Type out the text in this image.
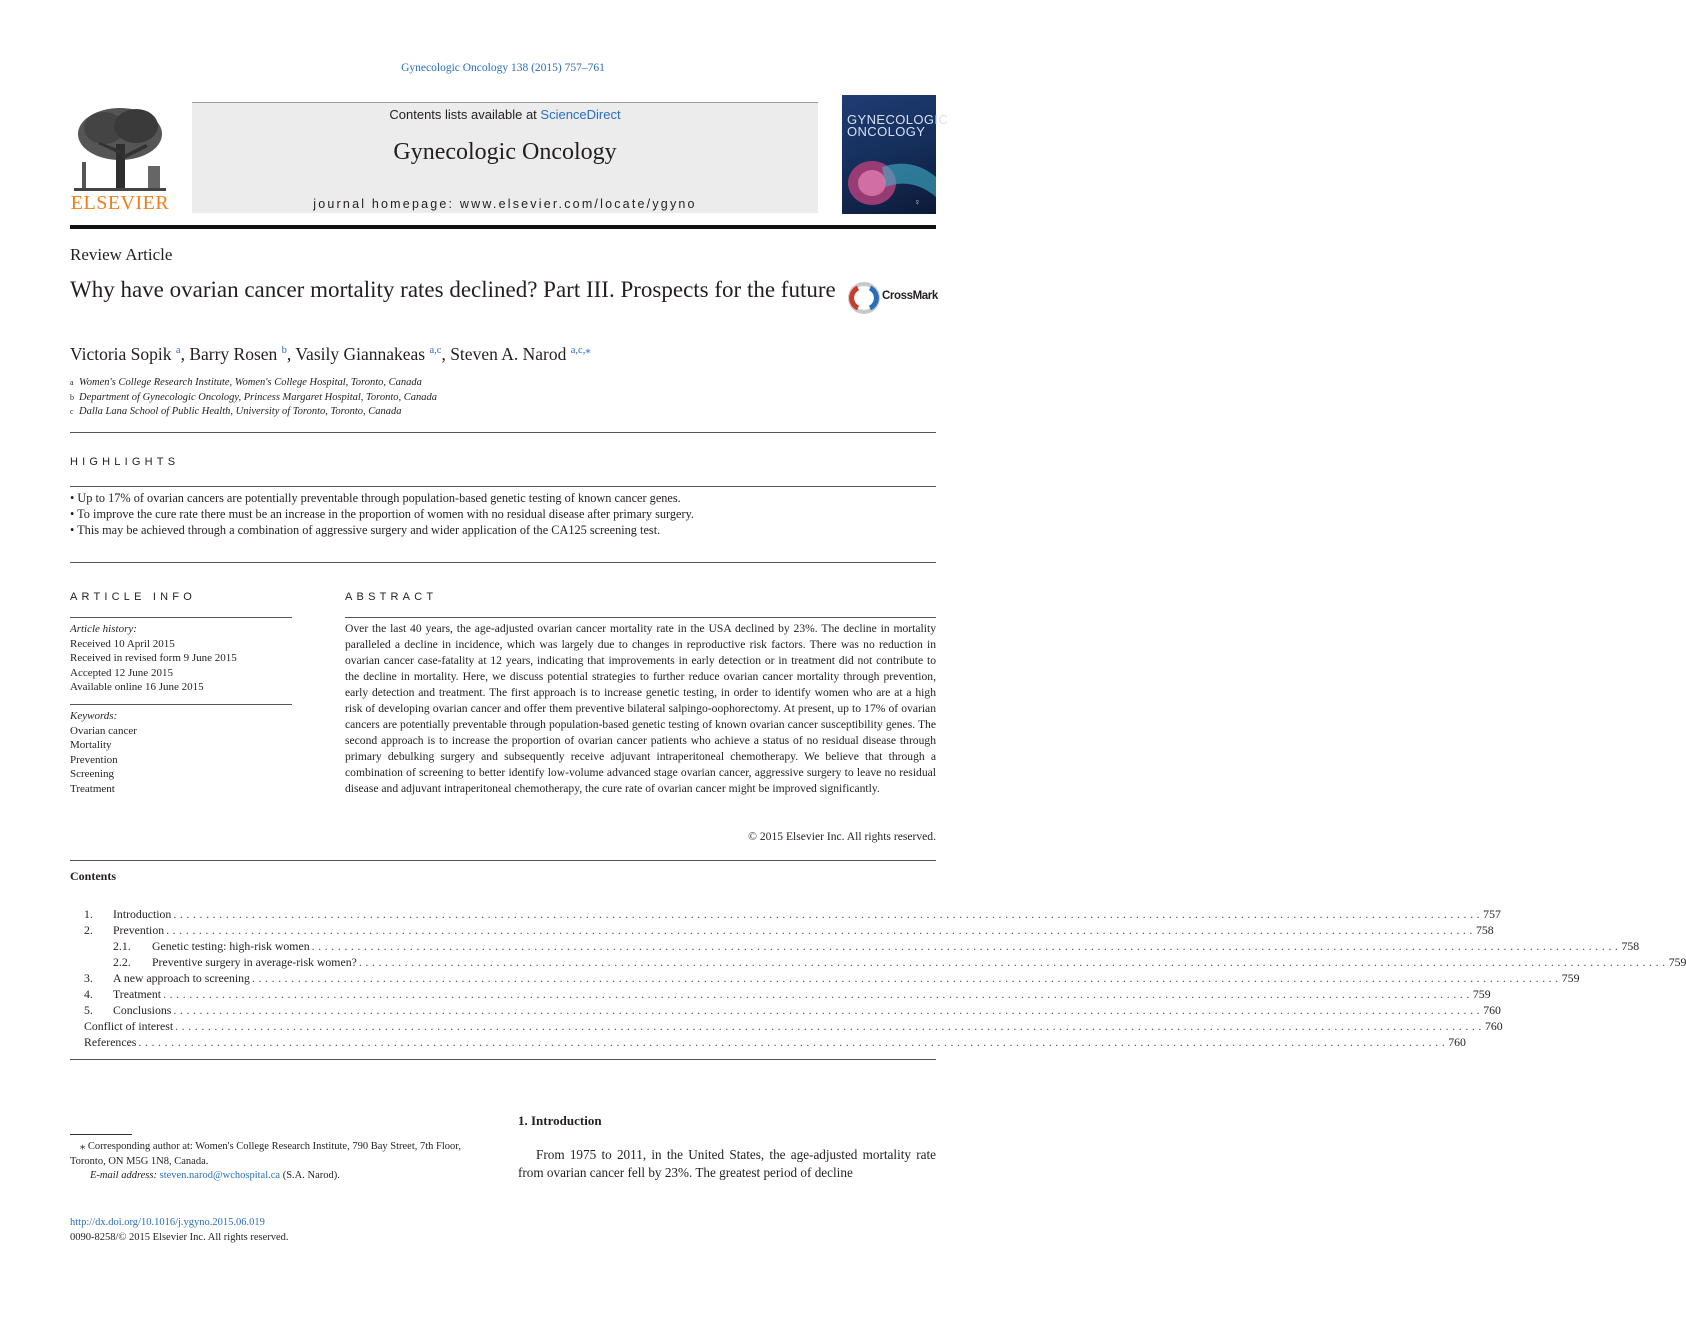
Gynecologic Oncology 138 (2015) 757–761
ELSEVIER
Contents lists available at ScienceDirect
Gynecologic Oncology
journal homepage: www.elsevier.com/locate/ygyno
GYNECOLOGIC ONCOLOGY
♀
Review Article
Why have ovarian cancer mortality rates declined? Part III. Prospects for the future	CrossMark
Victoria Sopik $^a$, Barry Rosen $^b$, Vasily Giannakeas $^{a,c}$, Steven A. Narod $^{a,c,⁎}$
a Women's College Research Institute, Women's College Hospital, Toronto, Canada
b Department of Gynecologic Oncology, Princess Margaret Hospital, Toronto, Canada
c Dalla Lana School of Public Health, University of Toronto, Toronto, Canada
HIGHLIGHTS
• Up to 17% of ovarian cancers are potentially preventable through population-based genetic testing of known cancer genes.
• To improve the cure rate there must be an increase in the proportion of women with no residual disease after primary surgery.
• This may be achieved through a combination of aggressive surgery and wider application of the CA125 screening test.
ARTICLE INFO
Article history:
Received 10 April 2015
Received in revised form 9 June 2015
Accepted 12 June 2015
Available online 16 June 2015
Keywords:
Ovarian cancer
Mortality
Prevention
Screening
Treatment
ABSTRACT
Over the last 40 years, the age-adjusted ovarian cancer mortality rate in the USA declined by 23%. The decline in mortality paralleled a decline in incidence, which was largely due to changes in reproductive risk factors. There was no reduction in ovarian cancer case-fatality at 12 years, indicating that improvements in early detection or in treatment did not contribute to the decline in mortality. Here, we discuss potential strategies to further reduce ovarian cancer mortality through prevention, early detection and treatment. The first approach is to increase genetic testing, in order to identify women who are at a high risk of developing ovarian cancer and offer them preventive bilateral salpingo-oophorectomy. At present, up to 17% of ovarian cancers are potentially preventable through population-based genetic testing of known ovarian cancer susceptibility genes. The second approach is to increase the proportion of ovarian cancer patients who achieve a status of no residual disease through primary debulking surgery and subsequently receive adjuvant intraperitoneal chemotherapy. We believe that through a combination of screening to better identify low-volume advanced stage ovarian cancer, aggressive surgery to leave no residual disease and adjuvant intraperitoneal chemotherapy, the cure rate of ovarian cancer might be improved significantly.
© 2015 Elsevier Inc. All rights reserved.
Contents
1. Introduction ........................................................................................................................................................................................................ 757
2. Prevention ........................................................................................................................................................................................................ 758
2.1. Genetic testing: high-risk women ........................................................................................................................................................................................................ 758
2.2. Preventive surgery in average-risk women? ........................................................................................................................................................................................................ 759
3. A new approach to screening ........................................................................................................................................................................................................ 759
4. Treatment ........................................................................................................................................................................................................ 759
5. Conclusions ........................................................................................................................................................................................................ 760
Conflict of interest ........................................................................................................................................................................................................ 760
References ........................................................................................................................................................................................................ 760
⁎ Corresponding author at: Women's College Research Institute, 790 Bay Street, 7th Floor, Toronto, ON M5G 1N8, Canada.
E-mail address: steven.narod@wchospital.ca (S.A. Narod).
http://dx.doi.org/10.1016/j.ygyno.2015.06.019
0090-8258/© 2015 Elsevier Inc. All rights reserved.
1. Introduction
From 1975 to 2011, in the United States, the age-adjusted mortality rate from ovarian cancer fell by 23%. The greatest period of decline
